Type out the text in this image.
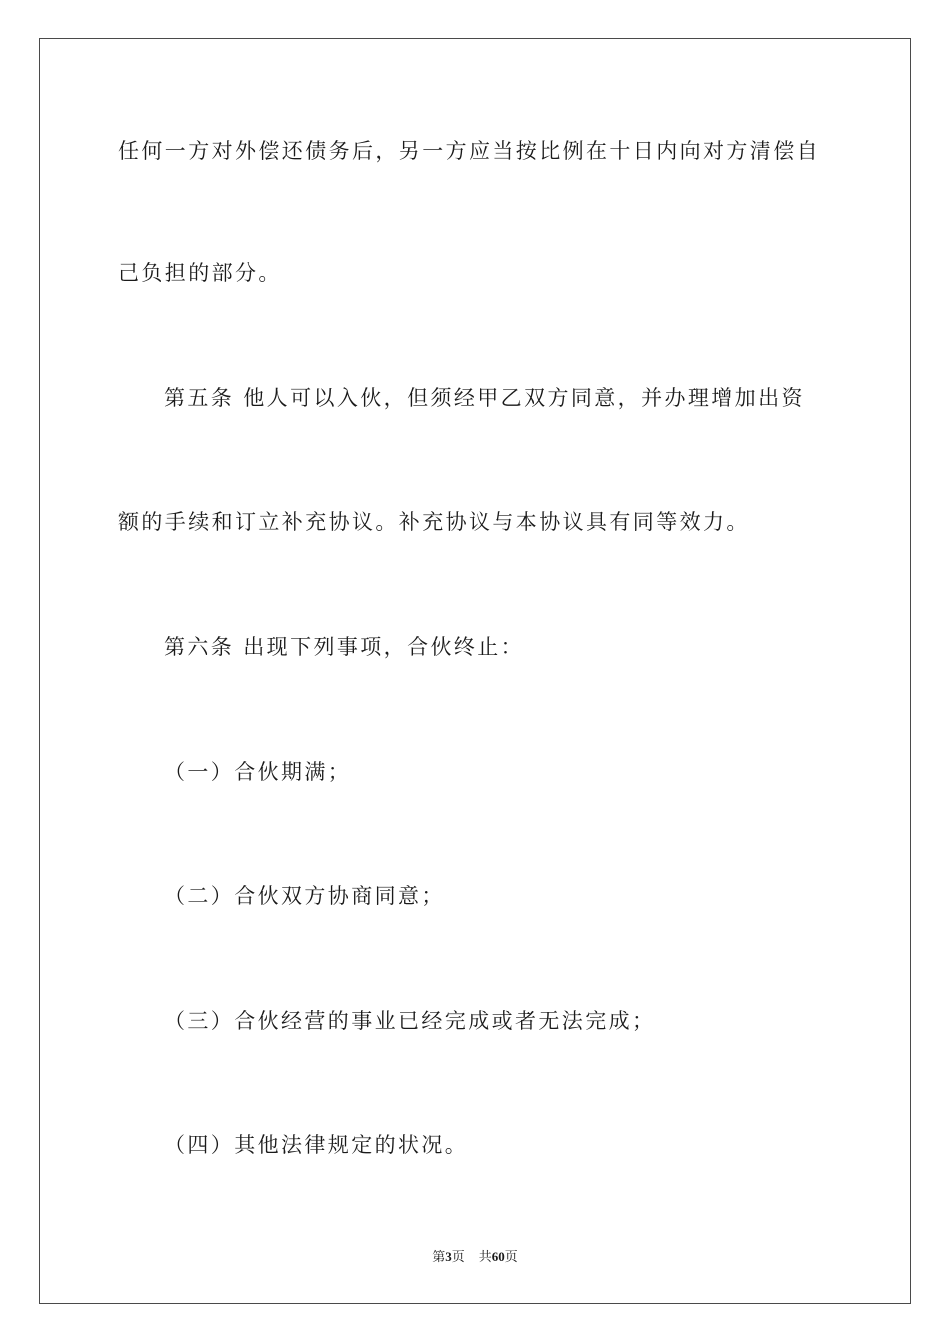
任何一方对外偿还债务后，另一方应当按比例在十日内向对方清偿自
己负担的部分。
第五条 他人可以入伙，但须经甲乙双方同意，并办理增加出资
额的手续和订立补充协议。补充协议与本协议具有同等效力。
第六条 出现下列事项，合伙终止：
（一）合伙期满；
（二）合伙双方协商同意；
（三）合伙经营的事业已经完成或者无法完成；
（四）其他法律规定的状况。
第3页 共60页
